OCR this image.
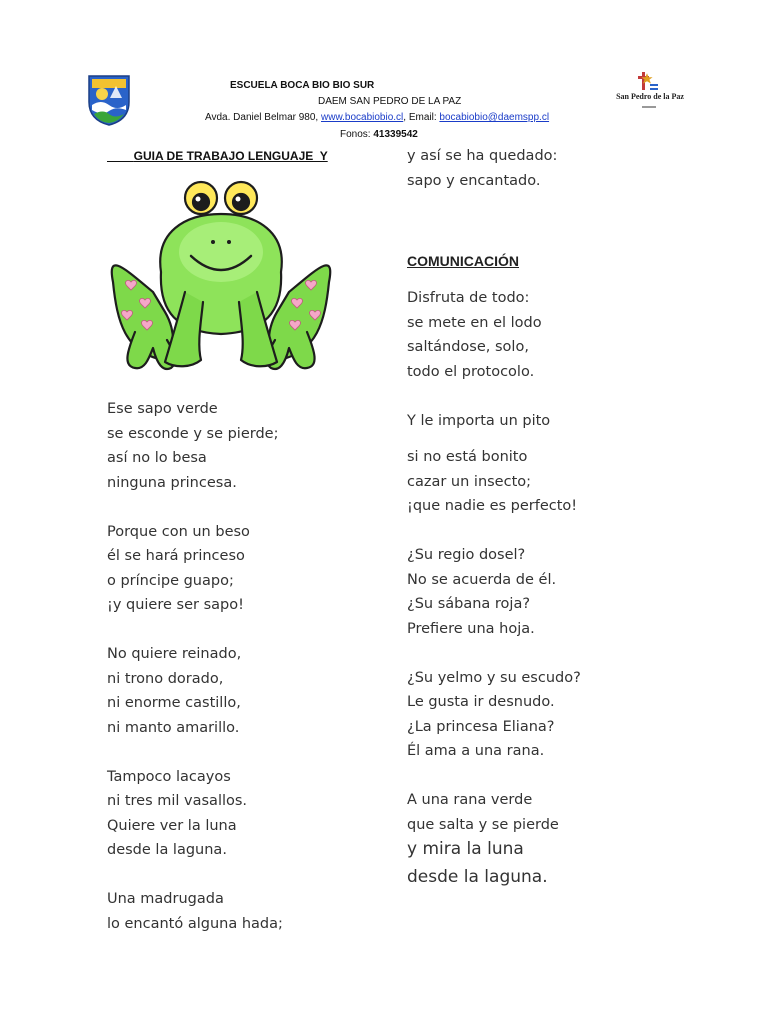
ESCUELA BOCA BIO BIO SUR
DAEM SAN PEDRO DE LA PAZ
Avda. Daniel Belmar 980, www.bocabiobio.cl, Email: bocabiobio@daemspp.cl
Fonos: 41339542
San Pedro de la Paz
GUIA DE TRABAJO LENGUAJE  Y
Ese sapo verde
se esconde y se pierde;
así no lo besa
ninguna princesa.
Porque con un beso
él se hará princeso
o príncipe guapo;
¡y quiere ser sapo!
No quiere reinado,
ni trono dorado,
ni enorme castillo,
ni manto amarillo.
Tampoco lacayos
ni tres mil vasallos.
Quiere ver la luna
desde la laguna.
Una madrugada
lo encantó alguna hada;
y así se ha quedado:
sapo y encantado.
COMUNICACIÓN
Disfruta de todo:
se mete en el lodo
saltándose, solo,
todo el protocolo.
Y le importa un pito
si no está bonito
cazar un insecto;
¡que nadie es perfecto!
¿Su regio dosel?
No se acuerda de él.
¿Su sábana roja?
Prefiere una hoja.
¿Su yelmo y su escudo?
Le gusta ir desnudo.
¿La princesa Eliana?
Él ama a una rana.
A una rana verde
que salta y se pierde
y mira la luna
desde la laguna.
